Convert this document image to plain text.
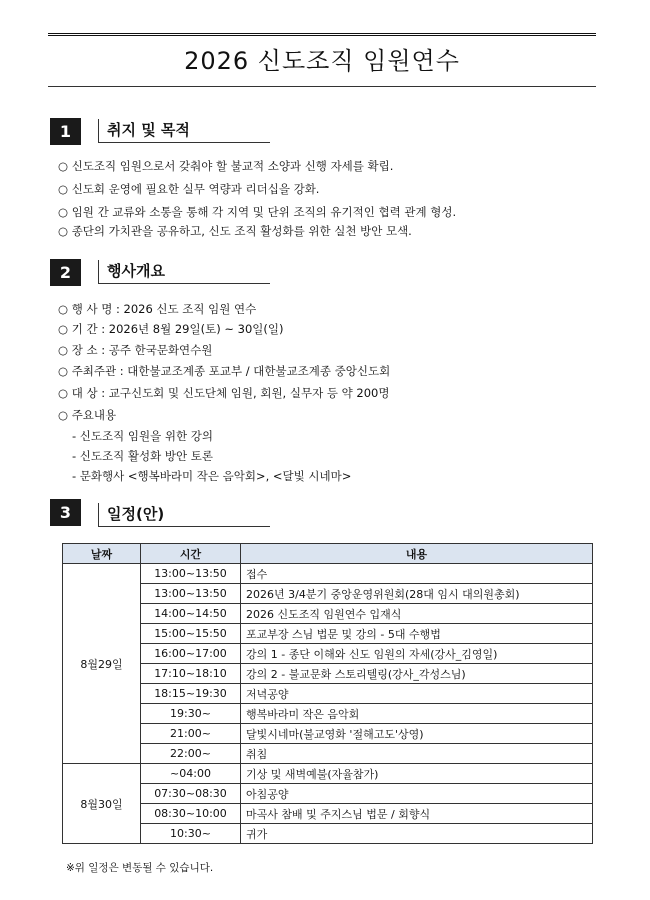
2026 신도조직 임원연수
1	취지 및 목적
○ 신도조직 임원으로서 갖춰야 할 불교적 소양과 신행 자세를 확립.
○ 신도회 운영에 필요한 실무 역량과 리더십을 강화.
○ 임원 간 교류와 소통을 통해 각 지역 및 단위 조직의 유기적인 협력 관계 형성.
○ 종단의 가치관을 공유하고, 신도 조직 활성화를 위한 실천 방안 모색.
2	행사개요
○ 행 사 명 : 2026 신도 조직 임원 연수
○ 기 간 : 2026년 8월 29일(토) ~ 30일(일)
○ 장 소 : 공주 한국문화연수원
○ 주최주관 : 대한불교조계종 포교부 / 대한불교조계종 중앙신도회
○ 대 상 : 교구신도회 및 신도단체 임원, 회원, 실무자 등 약 200명
○ 주요내용
- 신도조직 임원을 위한 강의
- 신도조직 활성화 방안 토론
- 문화행사 <행복바라미 작은 음악회>, <달빛 시네마>
3	일정(안)
날짜	시간	내용
8월29일	13:00~13:50	접수
	13:00~13:50	2026년 3/4분기 중앙운영위원회(28대 임시 대의원총회)
	14:00~14:50	2026 신도조직 임원연수 입재식
	15:00~15:50	포교부장 스님 법문 및 강의 - 5대 수행법
	16:00~17:00	강의 1 - 종단 이해와 신도 임원의 자세(강사_김영일)
	17:10~18:10	강의 2 - 불교문화 스토리텔링(강사_각성스님)
	18:15~19:30	저녁공양
	19:30~	행복바라미 작은 음악회
	21:00~	달빛시네마(불교영화 '절해고도'상영)
	22:00~	취침
8월30일	~04:00	기상 및 새벽예불(자율참가)
	07:30~08:30	아침공양
	08:30~10:00	마곡사 참배 및 주지스님 법문 / 회향식
	10:30~	귀가
※위 일정은 변동될 수 있습니다.
